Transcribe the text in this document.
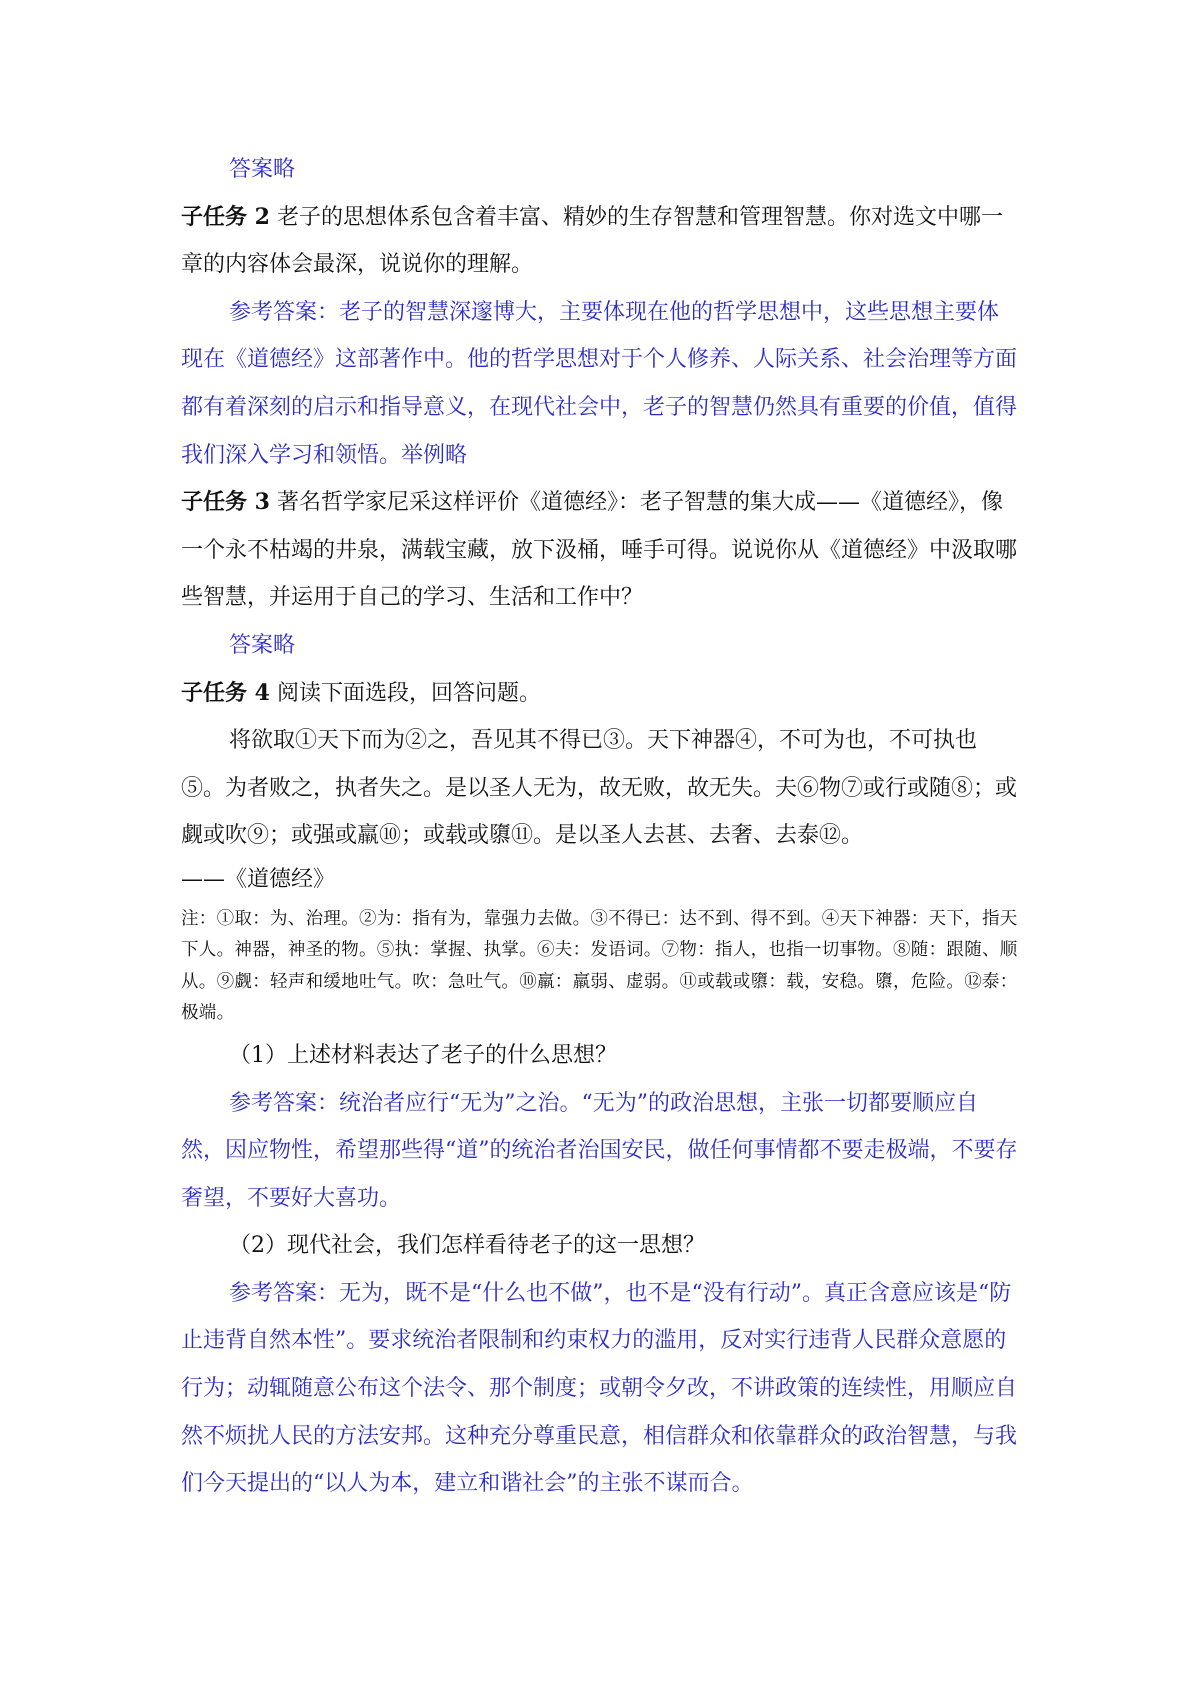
答案略

子任务 2 老子的思想体系包含着丰富、精妙的生存智慧和管理智慧。你对选文中哪一章的内容体会最深，说说你的理解。

参考答案：老子的智慧深邃博大，主要体现在他的哲学思想中，这些思想主要体现在《道德经》这部著作中。他的哲学思想对于个人修养、人际关系、社会治理等方面都有着深刻的启示和指导意义，在现代社会中，老子的智慧仍然具有重要的价值，值得我们深入学习和领悟。举例略

子任务 3 著名哲学家尼采这样评价《道德经》：老子智慧的集大成——《道德经》，像一个永不枯竭的井泉，满载宝藏，放下汲桶，唾手可得。说说你从《道德经》中汲取哪些智慧，并运用于自己的学习、生活和工作中？

答案略

子任务 4 阅读下面选段，回答问题。

将欲取①天下而为②之，吾见其不得已③。天下神器④，不可为也，不可执也⑤。为者败之，执者失之。是以圣人无为，故无败，故无失。夫⑥物⑦或行或随⑧；或觑或吹⑨；或强或羸⑩；或载或隳⑪。是以圣人去甚、去奢、去泰⑫。

——《道德经》

注：①取：为、治理。②为：指有为，靠强力去做。③不得已：达不到、得不到。④天下神器：天下，指天下人。神器，神圣的物。⑤执：掌握、执掌。⑥夫：发语词。⑦物：指人，也指一切事物。⑧随：跟随、顺从。⑨觑：轻声和缓地吐气。吹：急吐气。⑩羸：羸弱、虚弱。⑪或载或隳：载，安稳。隳，危险。⑫泰：极端。

（1）上述材料表达了老子的什么思想？

参考答案：统治者应行“无为”之治。“无为”的政治思想，主张一切都要顺应自然，因应物性，希望那些得“道”的统治者治国安民，做任何事情都不要走极端，不要存奢望，不要好大喜功。

（2）现代社会，我们怎样看待老子的这一思想？

参考答案：无为，既不是“什么也不做”，也不是“没有行动”。真正含意应该是“防止违背自然本性”。要求统治者限制和约束权力的滥用，反对实行违背人民群众意愿的行为；动辄随意公布这个法令、那个制度；或朝令夕改，不讲政策的连续性，用顺应自然不烦扰人民的方法安邦。这种充分尊重民意，相信群众和依靠群众的政治智慧，与我们今天提出的“以人为本，建立和谐社会”的主张不谋而合。
